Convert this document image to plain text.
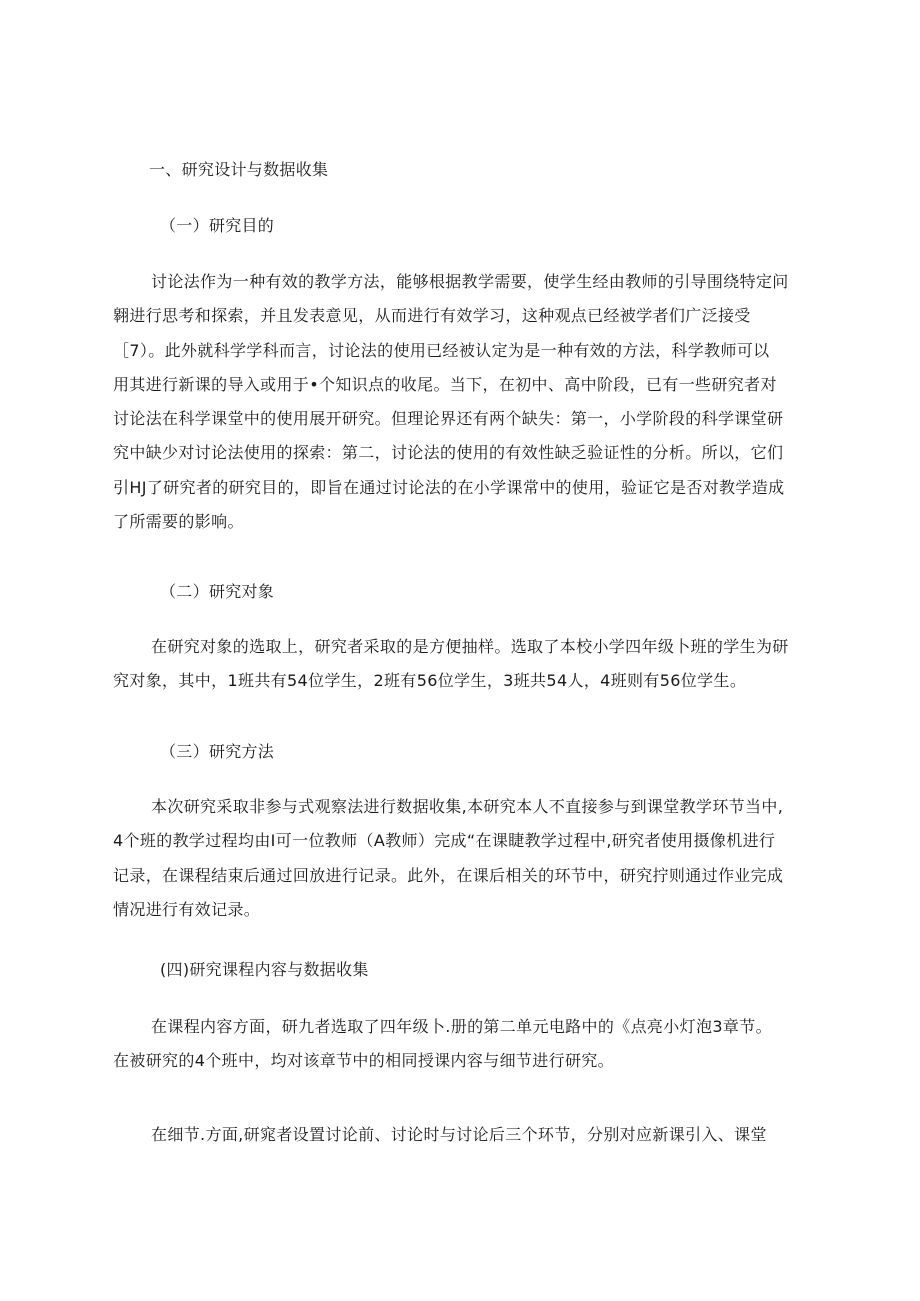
一、研究设计与数据收集
（一）研究目的
讨论法作为一种有效的教学方法，能够根据教学需要，使学生经由教师的引导围绕特定问
翱进行思考和探索，并且发表意见，从而进行有效学习，这种观点已经被学者们广泛接受
［7）。此外就科学学科而言，讨论法的使用已经被认定为是一种有效的方法，科学教师可以
用其进行新课的导入或用于•个知识点的收尾。当下，在初中、高中阶段，已有一些研究者对
讨论法在科学课堂中的使用展开研究。但理论界还有两个缺失：第一，小学阶段的科学课堂研
究中缺少对讨论法使用的探索：第二，讨论法的使用的有效性缺乏验证性的分析。所以，它们
引HJ了研究者的研究目的，即旨在通过讨论法的在小学课常中的使用，验证它是否对教学造成
了所需要的影响。
（二）研究对象
在研究对象的选取上，研究者采取的是方便抽样。选取了本校小学四年级卜班的学生为研
究对象，其中，1班共有54位学生，2班有56位学生，3班共54人，4班则有56位学生。
（三）研究方法
本次研究采取非参与式观察法进行数据收集,本研究本人不直接参与到课堂教学环节当中,
4个班的教学过程均由I可一位教师（A教师）完成“在课睫教学过程中,研究者使用摄像机进行
记录，在课程结束后通过回放进行记录。此外，在课后相关的环节中，研究拧则通过作业完成
情况进行有效记录。
(四)研究课程内容与数据收集
在课程内容方面，研九者选取了四年级卜.册的第二单元电路中的《点亮小灯泡3章节。
在被研究的4个班中，均对该章节中的相同授课内容与细节进行研究。
在细节.方面,研窕者设置讨论前、讨论时与讨论后三个环节，分别对应新课引入、课堂
